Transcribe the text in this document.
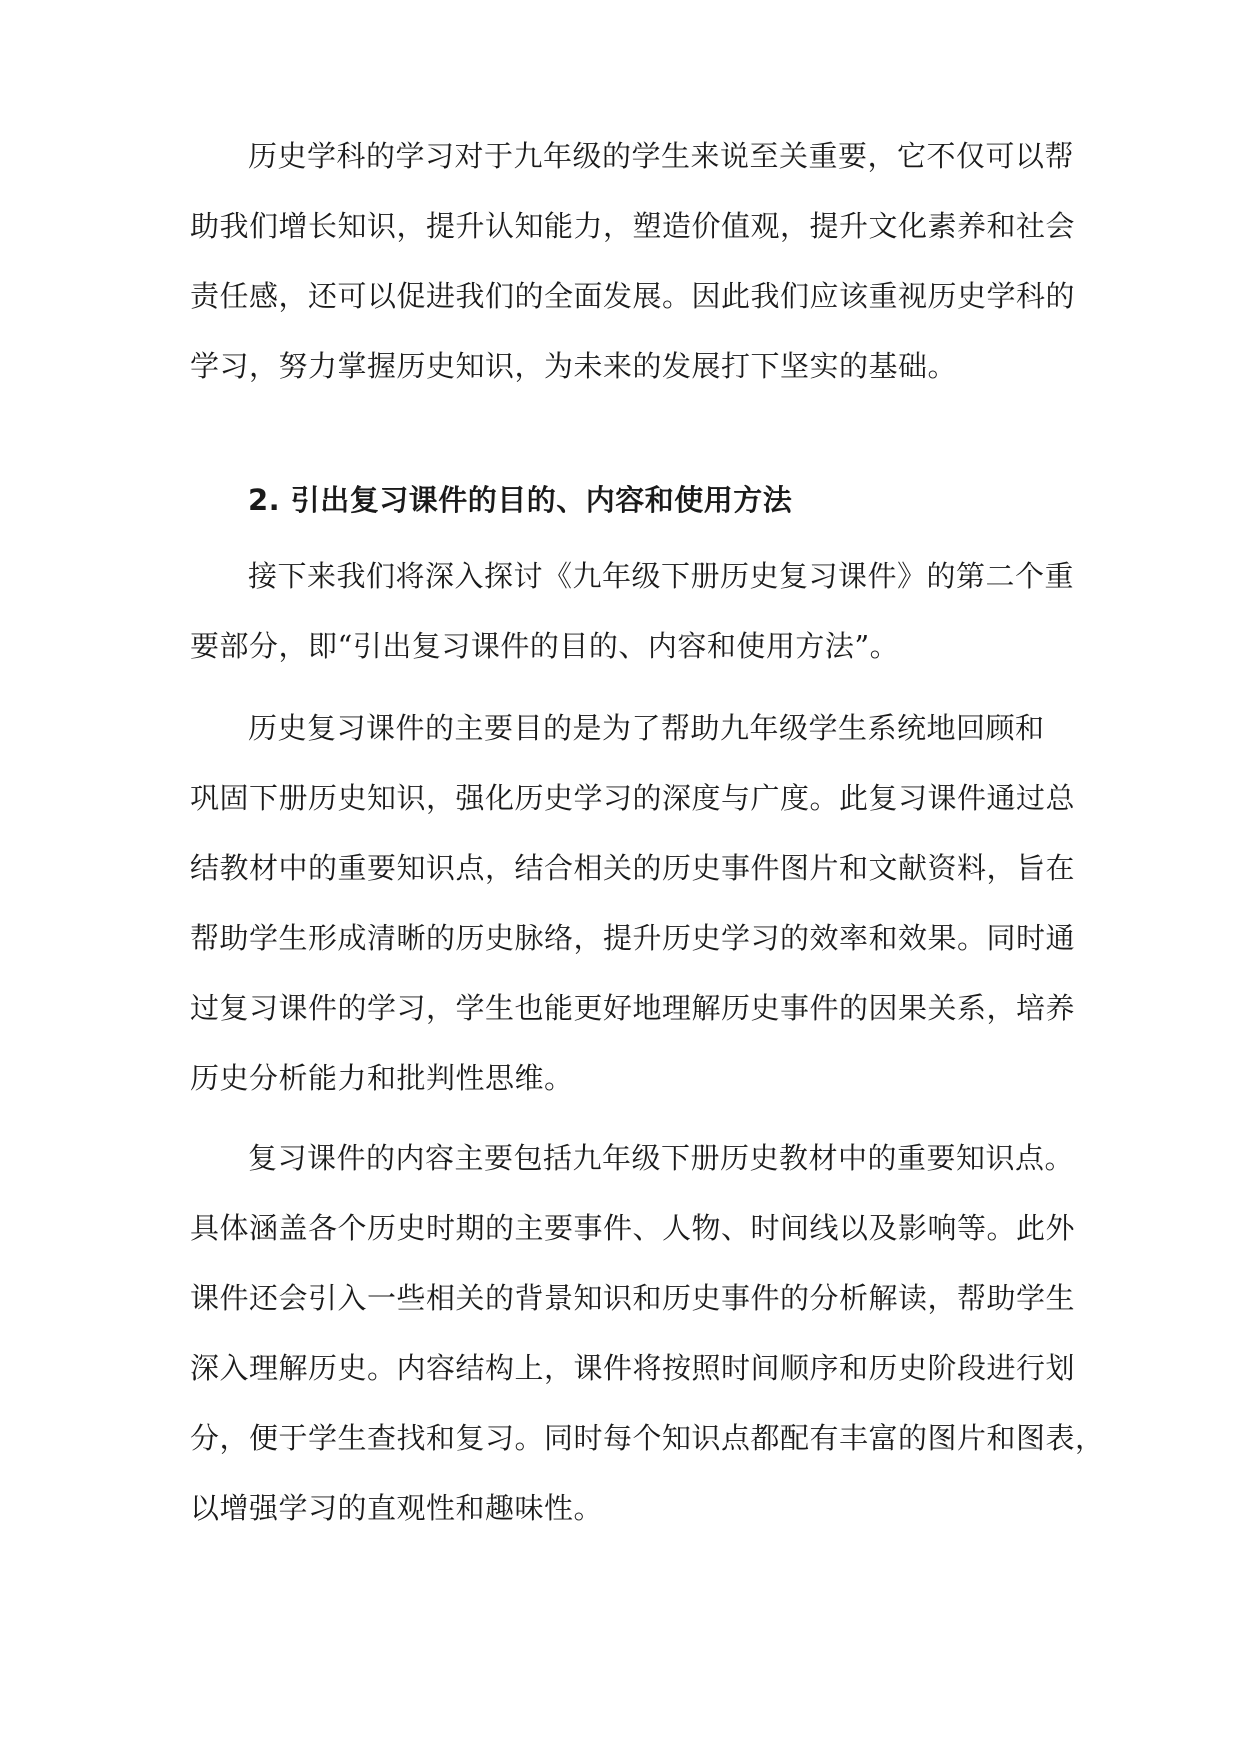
历史学科的学习对于九年级的学生来说至关重要，它不仅可以帮
助我们增长知识，提升认知能力，塑造价值观，提升文化素养和社会
责任感，还可以促进我们的全面发展。因此我们应该重视历史学科的
学习，努力掌握历史知识，为未来的发展打下坚实的基础。
2. 引出复习课件的目的、内容和使用方法
接下来我们将深入探讨《九年级下册历史复习课件》的第二个重
要部分，即“引出复习课件的目的、内容和使用方法”。
历史复习课件的主要目的是为了帮助九年级学生系统地回顾和
巩固下册历史知识，强化历史学习的深度与广度。此复习课件通过总
结教材中的重要知识点，结合相关的历史事件图片和文献资料，旨在
帮助学生形成清晰的历史脉络，提升历史学习的效率和效果。同时通
过复习课件的学习，学生也能更好地理解历史事件的因果关系，培养
历史分析能力和批判性思维。
复习课件的内容主要包括九年级下册历史教材中的重要知识点。
具体涵盖各个历史时期的主要事件、人物、时间线以及影响等。此外
课件还会引入一些相关的背景知识和历史事件的分析解读，帮助学生
深入理解历史。内容结构上，课件将按照时间顺序和历史阶段进行划
分，便于学生查找和复习。同时每个知识点都配有丰富的图片和图表，
以增强学习的直观性和趣味性。
